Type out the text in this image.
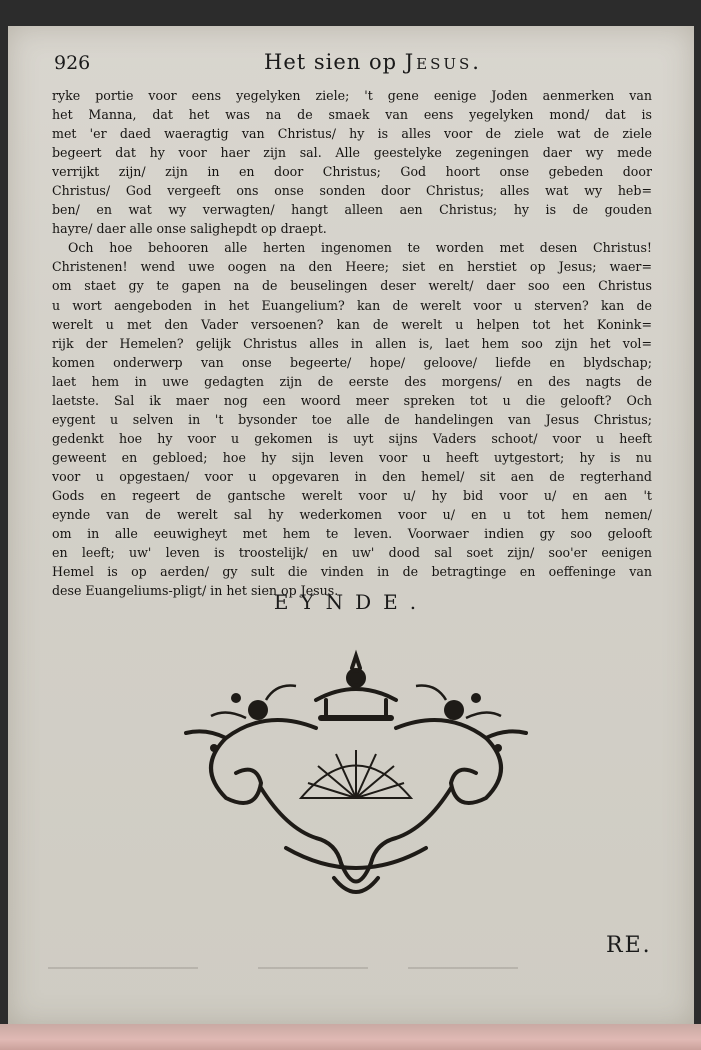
926	Het sien op Jesus.
ryke portie voor eens yegelyken ziele; 't gene eenige Joden aenmerken van
het Manna, dat het was na de smaek van eens yegelyken mond/ dat is
met 'er daed waeragtig van Christus/ hy is alles voor de ziele wat de ziele
begeert dat hy voor haer zijn sal. Alle geestelyke zegeningen daer wy mede
verrijkt zijn/ zijn in en door Christus; God hoort onse gebeden door
Christus/ God vergeeft ons onse sonden door Christus; alles wat wy heb=
ben/ en wat wy verwagten/ hangt alleen aen Christus; hy is de gouden
hayre/ daer alle onse salighepdt op draept.
Och hoe behooren alle herten ingenomen te worden met desen Christus!
Christenen! wend uwe oogen na den Heere; siet en herstiet op Jesus; waer=
om staet gy te gapen na de beuselingen deser werelt/ daer soo een Christus
u wort aengeboden in het Euangelium? kan de werelt voor u sterven? kan de
werelt u met den Vader versoenen? kan de werelt u helpen tot het Konink=
rijk der Hemelen? gelijk Christus alles in allen is, laet hem soo zijn het vol=
komen onderwerp van onse begeerte/ hope/ geloove/ liefde en blydschap;
laet hem in uwe gedagten zijn de eerste des morgens/ en des nagts de
laetste. Sal ik maer nog een woord meer spreken tot u die gelooft? Och
eygent u selven in 't bysonder toe alle de handelingen van Jesus Christus;
gedenkt hoe hy voor u gekomen is uyt sijns Vaders schoot/ voor u heeft
geweent en gebloed; hoe hy sijn leven voor u heeft uytgestort; hy is nu
voor u opgestaen/ voor u opgevaren in den hemel/ sit aen de regterhand
Gods en regeert de gantsche werelt voor u/ hy bid voor u/ en aen 't
eynde van de werelt sal hy wederkomen voor u/ en u tot hem nemen/
om in alle eeuwigheyt met hem te leven. Voorwaer indien gy soo gelooft
en leeft; uw' leven is troostelijk/ en uw' dood sal soet zijn/ soo'er eenigen
Hemel is op aerden/ gy sult die vinden in de betragtinge en oeffeninge van
dese Euangeliums-pligt/ in het sien op Jesus.
EYNDE.
RE.
